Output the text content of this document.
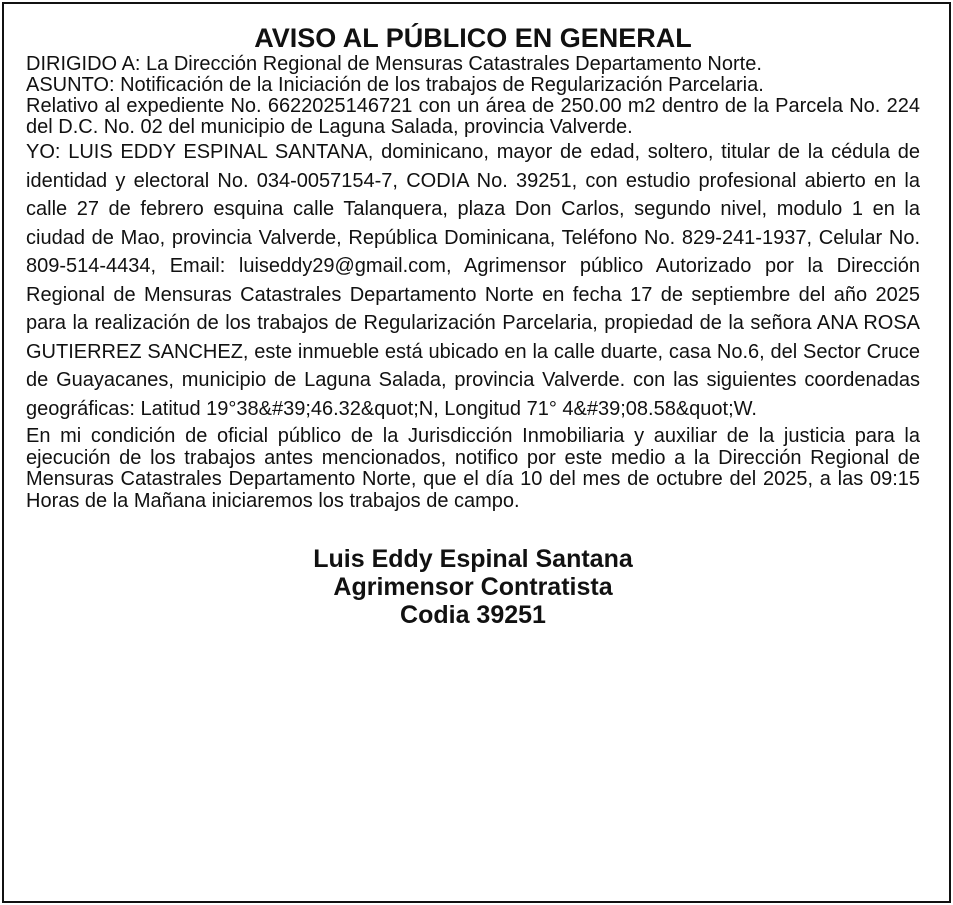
AVISO AL PÚBLICO EN GENERAL

DIRIGIDO A: La Dirección Regional de Mensuras Catastrales Departamento Norte.

ASUNTO: Notificación de la Iniciación de los trabajos de Regularización Parcelaria.

Relativo al expediente No. 6622025146721 con un área de 250.00 m2 dentro de la Parcela No. 224 del D.C. No. 02 del municipio de Laguna Salada, provincia Valverde.

YO: LUIS EDDY ESPINAL SANTANA, dominicano, mayor de edad, soltero, titular de la cédula de identidad y electoral No. 034-0057154-7, CODIA No. 39251, con estudio profesional abierto en la calle 27 de febrero esquina calle Talanquera, plaza Don Carlos, segundo nivel, modulo 1 en la ciudad de Mao, provincia Valverde, República Dominicana, Teléfono No. 829-241-1937, Celular No. 809-514-4434, Email: luiseddy29@gmail.com, Agrimensor público Autorizado por la Dirección Regional de Mensuras Catastrales Departamento Norte en fecha 17 de septiembre del año 2025 para la realización de los trabajos de Regularización Parcelaria, propiedad de la señora ANA ROSA GUTIERREZ SANCHEZ, este inmueble está ubicado en la calle duarte, casa No.6, del Sector Cruce de Guayacanes, municipio de Laguna Salada, provincia Valverde. con las siguientes coordenadas geográficas: Latitud 19°38&#39;46.32&quot;N, Longitud 71° 4&#39;08.58&quot;W.

En mi condición de oficial público de la Jurisdicción Inmobiliaria y auxiliar de la justicia para la ejecución de los trabajos antes mencionados, notifico por este medio a la Dirección Regional de Mensuras Catastrales Departamento Norte, que el día 10 del mes de octubre del 2025, a las 09:15 Horas de la Mañana iniciaremos los trabajos de campo.

Luis Eddy Espinal Santana
Agrimensor Contratista
Codia 39251
